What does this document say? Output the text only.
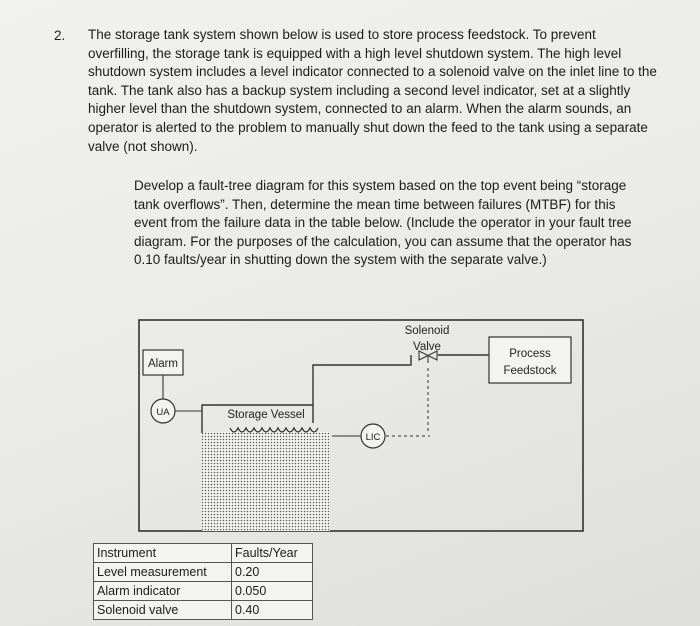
2. The storage tank system shown below is used to store process feedstock. To prevent overfilling, the storage tank is equipped with a high level shutdown system. The high level shutdown system includes a level indicator connected to a solenoid valve on the inlet line to the tank. The tank also has a backup system including a second level indicator, set at a slightly higher level than the shutdown system, connected to an alarm. When the alarm sounds, an operator is alerted to the problem to manually shut down the feed to the tank using a separate valve (not shown).

Develop a fault-tree diagram for this system based on the top event being “storage tank overflows”. Then, determine the mean time between failures (MTBF) for this event from the failure data in the table below. (Include the operator in your fault tree diagram. For the purposes of the calculation, you can assume that the operator has 0.10 faults/year in shutting down the system with the separate valve.)

LIC
Alarm
UA	Storage Vessel
Solenoid
Valve
Process
Feedstock
Instrument	Faults/Year
Level measurement	0.20
Alarm indicator	0.050
Solenoid valve	0.40
